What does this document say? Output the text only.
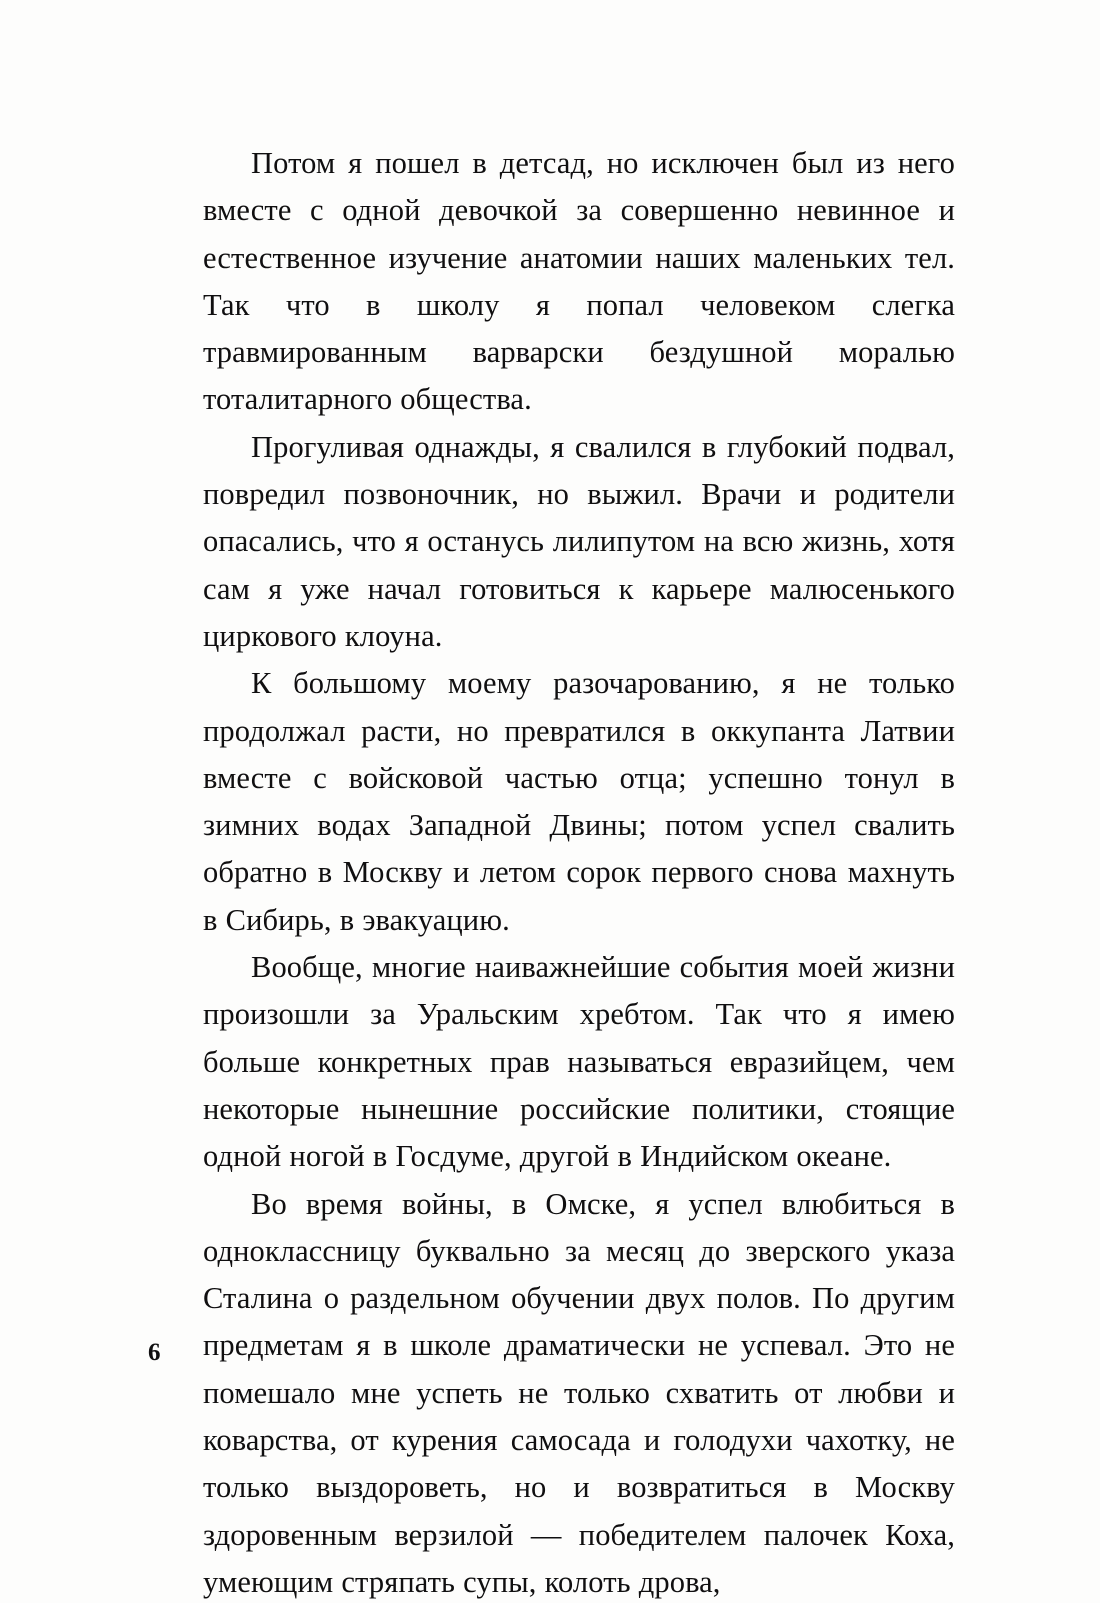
Потом я пошел в детсад, но исключен был из него вместе с одной девочкой за совершенно невинное и естественное изучение анатомии наших маленьких тел. Так что в школу я попал человеком слегка травмированным варварски бездушной моралью тоталитарного общества.

Прогуливая однажды, я свалился в глубокий подвал, повредил позвоночник, но выжил. Врачи и родители опасались, что я останусь лилипутом на всю жизнь, хотя сам я уже начал готовиться к карьере малюсенького циркового клоуна.

К большому моему разочарованию, я не только продолжал расти, но превратился в оккупанта Латвии вместе с войсковой частью отца; успешно тонул в зимних водах Западной Двины; потом успел свалить обратно в Москву и летом сорок первого снова махнуть в Сибирь, в эвакуацию.

Вообще, многие наиважнейшие события моей жизни произошли за Уральским хребтом. Так что я имею больше конкретных прав называться евразийцем, чем некоторые нынешние российские политики, стоящие одной ногой в Госдуме, другой в Индийском океане.

Во время войны, в Омске, я успел влюбиться в одноклассницу буквально за месяц до зверского указа Сталина о раздельном обучении двух полов. По другим предметам я в школе драматически не успевал. Это не помешало мне успеть не только схватить от любви и коварства, от курения самосада и голодухи чахотку, не только выздороветь, но и возвратиться в Москву здоровенным верзилой — победителем палочек Коха, умеющим стряпать супы, колоть дрова,

6
